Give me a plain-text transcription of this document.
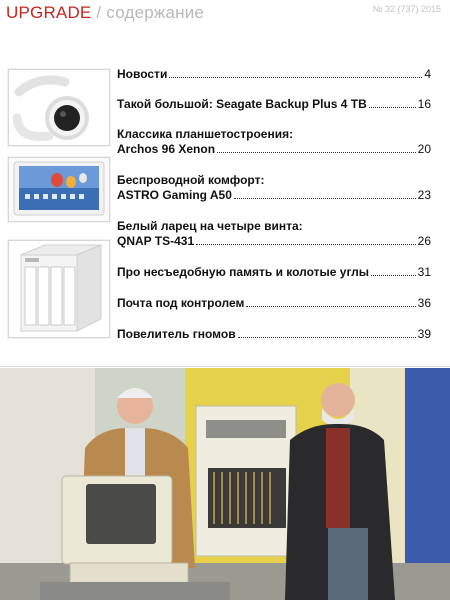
UPGRADE / содержание	№ 32 (737) 2015
Новости	4
Такой большой: Seagate Backup Plus 4 TB	16
Классика планшетостроения:
Archos 96 Xenon	20
Беспроводной комфорт:
ASTRO Gaming A50	23
Белый ларец на четыре винта:
QNAP TS-431	26
Про несъедобную память и колотые углы	31
Почта под контролем	36
Повелитель гномов	39
